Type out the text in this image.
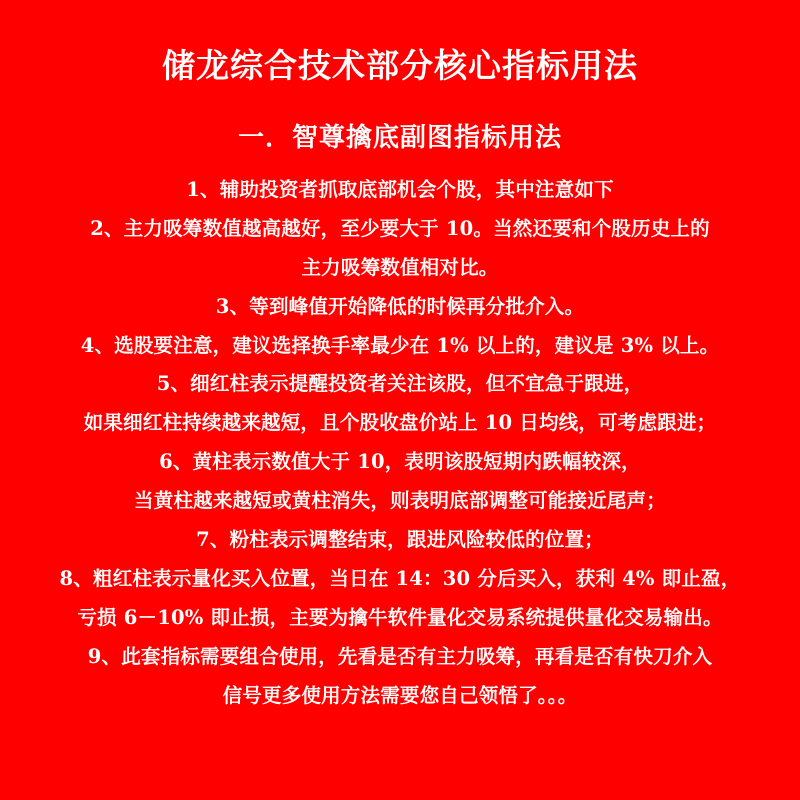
储龙综合技术部分核心指标用法
一．智尊擒底副图指标用法
1、辅助投资者抓取底部机会个股，其中注意如下
2、主力吸筹数值越高越好，至少要大于 10。当然还要和个股历史上的
主力吸筹数值相对比。
3、等到峰值开始降低的时候再分批介入。
4、选股要注意，建议选择换手率最少在 1% 以上的，建议是 3% 以上。
5、细红柱表示提醒投资者关注该股，但不宜急于跟进，
如果细红柱持续越来越短，且个股收盘价站上 10 日均线，可考虑跟进；
6、黄柱表示数值大于 10，表明该股短期内跌幅较深，
当黄柱越来越短或黄柱消失，则表明底部调整可能接近尾声；
7、粉柱表示调整结束，跟进风险较低的位置；
8、粗红柱表示量化买入位置，当日在 14：30 分后买入，获利 4% 即止盈，
亏损 6－10% 即止损，主要为擒牛软件量化交易系统提供量化交易输出。
9、此套指标需要组合使用，先看是否有主力吸筹，再看是否有快刀介入
信号更多使用方法需要您自己领悟了。。。
